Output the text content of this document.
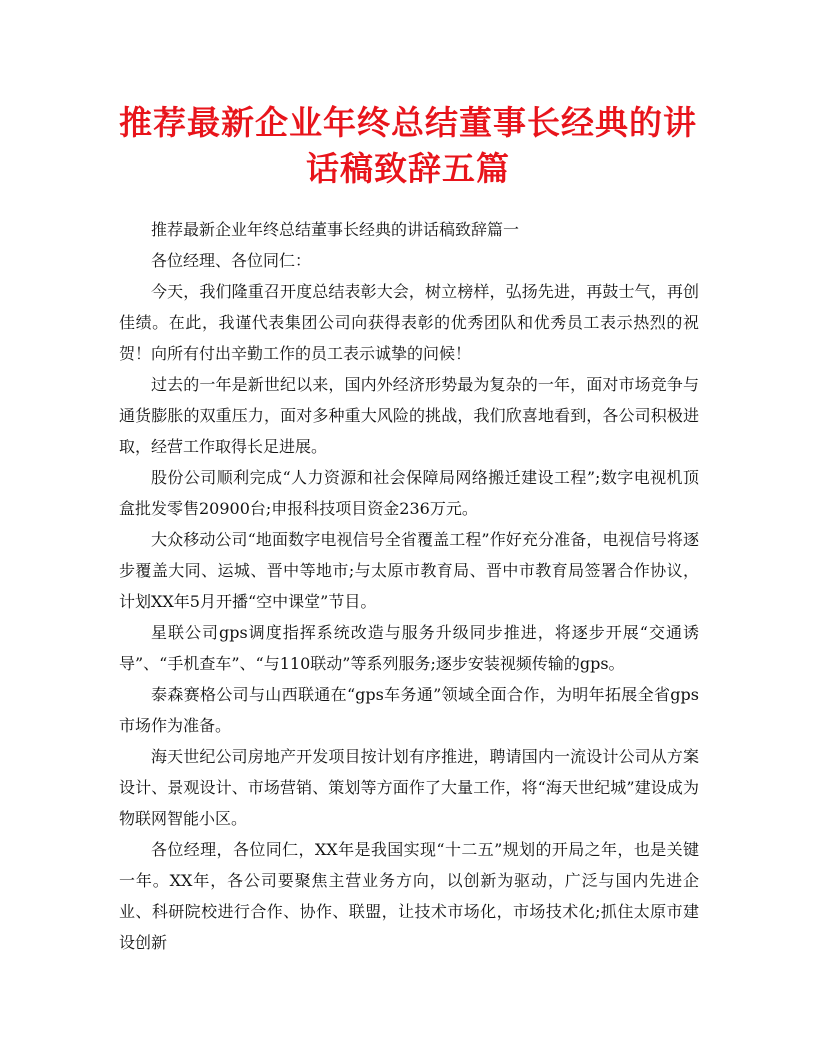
推荐最新企业年终总结董事长经典的讲
话稿致辞五篇

推荐最新企业年终总结董事长经典的讲话稿致辞篇一

各位经理、各位同仁：

今天，我们隆重召开度总结表彰大会，树立榜样，弘扬先进，再鼓士气，再创佳绩。在此，我谨代表集团公司向获得表彰的优秀团队和优秀员工表示热烈的祝贺！向所有付出辛勤工作的员工表示诚挚的问候！

过去的一年是新世纪以来，国内外经济形势最为复杂的一年，面对市场竞争与通货膨胀的双重压力，面对多种重大风险的挑战，我们欣喜地看到，各公司积极进取，经营工作取得长足进展。

股份公司顺利完成“人力资源和社会保障局网络搬迁建设工程”;数字电视机顶盒批发零售20900台;申报科技项目资金236万元。

大众移动公司“地面数字电视信号全省覆盖工程”作好充分准备，电视信号将逐步覆盖大同、运城、晋中等地市;与太原市教育局、晋中市教育局签署合作协议，计划XX年5月开播“空中课堂”节目。

星联公司gps调度指挥系统改造与服务升级同步推进，将逐步开展“交通诱导”、“手机查车”、“与110联动”等系列服务;逐步安装视频传输的gps。

泰森赛格公司与山西联通在“gps车务通”领域全面合作，为明年拓展全省gps市场作为准备。

海天世纪公司房地产开发项目按计划有序推进，聘请国内一流设计公司从方案设计、景观设计、市场营销、策划等方面作了大量工作，将“海天世纪城”建设成为物联网智能小区。

各位经理，各位同仁，XX年是我国实现“十二五”规划的开局之年，也是关键一年。XX年，各公司要聚焦主营业务方向，以创新为驱动，广泛与国内先进企业、科研院校进行合作、协作、联盟，让技术市场化，市场技术化;抓住太原市建设创新
